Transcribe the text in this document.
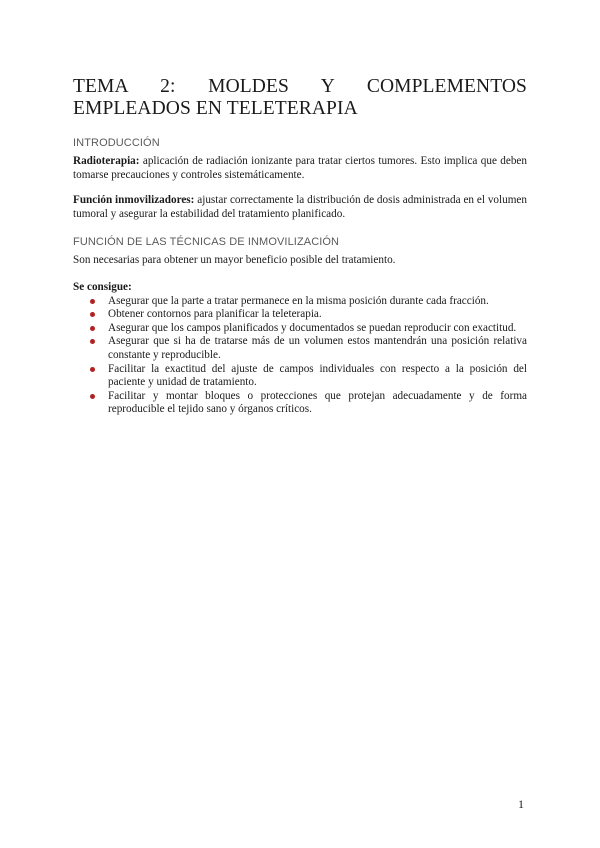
TEMA 2: MOLDES Y COMPLEMENTOS EMPLEADOS EN TELETERAPIA
INTRODUCCIÓN

Radioterapia: aplicación de radiación ionizante para tratar ciertos tumores. Esto implica que deben tomarse precauciones y controles sistemáticamente.

Función inmovilizadores: ajustar correctamente la distribución de dosis administrada en el volumen tumoral y asegurar la estabilidad del tratamiento planificado.

FUNCIÓN DE LAS TÉCNICAS DE INMOVILIZACIÓN

Son necesarias para obtener un mayor beneficio posible del tratamiento.

Se consigue:

Asegurar que la parte a tratar permanece en la misma posición durante cada fracción.
Obtener contornos para planificar la teleterapia.
Asegurar que los campos planificados y documentados se puedan reproducir con exactitud.
Asegurar que si ha de tratarse más de un volumen estos mantendrán una posición relativa constante y reproducible.
Facilitar la exactitud del ajuste de campos individuales con respecto a la posición del paciente y unidad de tratamiento.
Facilitar y montar bloques o protecciones que protejan adecuadamente y de forma reproducible el tejido sano y órganos críticos.
1
